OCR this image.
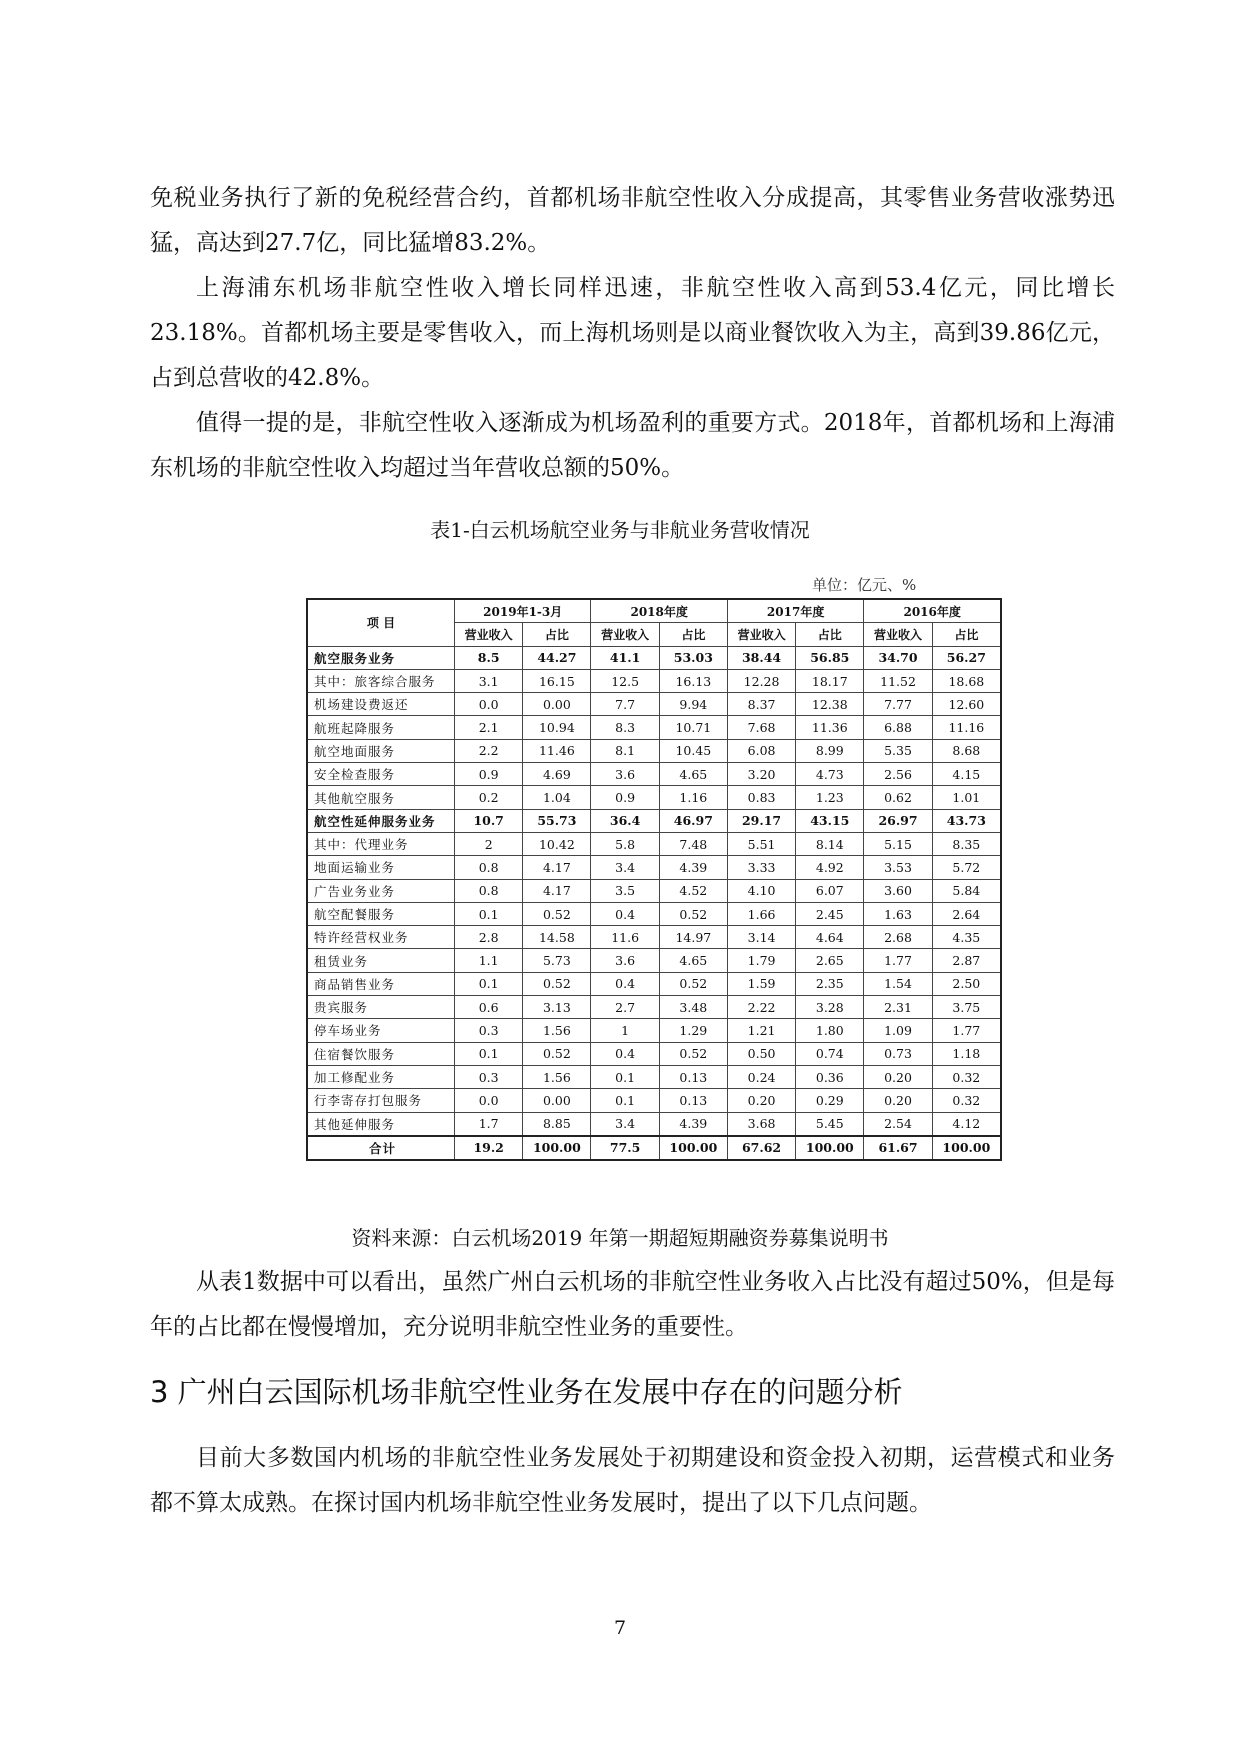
免税业务执行了新的免税经营合约，首都机场非航空性收入分成提高，其零售业务营收涨势迅猛，高达到27.7亿，同比猛增83.2%。

上海浦东机场非航空性收入增长同样迅速，非航空性收入高到53.4亿元，同比增长23.18%。首都机场主要是零售收入，而上海机场则是以商业餐饮收入为主，高到39.86亿元，占到总营收的42.8%。

值得一提的是，非航空性收入逐渐成为机场盈利的重要方式。2018年，首都机场和上海浦东机场的非航空性收入均超过当年营收总额的50%。

表1-白云机场航空业务与非航业务营收情况

单位：亿元、%
项 目	2019年1-3月		2018年度		2017年度		2016年度	
	营业收入	占比	营业收入	占比	营业收入	占比	营业收入	占比
航空服务业务	8.5	44.27	41.1	53.03	38.44	56.85	34.70	56.27
其中：旅客综合服务	3.1	16.15	12.5	16.13	12.28	18.17	11.52	18.68
机场建设费返还	0.0	0.00	7.7	9.94	8.37	12.38	7.77	12.60
航班起降服务	2.1	10.94	8.3	10.71	7.68	11.36	6.88	11.16
航空地面服务	2.2	11.46	8.1	10.45	6.08	8.99	5.35	8.68
安全检查服务	0.9	4.69	3.6	4.65	3.20	4.73	2.56	4.15
其他航空服务	0.2	1.04	0.9	1.16	0.83	1.23	0.62	1.01
航空性延伸服务业务	10.7	55.73	36.4	46.97	29.17	43.15	26.97	43.73
其中：代理业务	2	10.42	5.8	7.48	5.51	8.14	5.15	8.35
地面运输业务	0.8	4.17	3.4	4.39	3.33	4.92	3.53	5.72
广告业务业务	0.8	4.17	3.5	4.52	4.10	6.07	3.60	5.84
航空配餐服务	0.1	0.52	0.4	0.52	1.66	2.45	1.63	2.64
特许经营权业务	2.8	14.58	11.6	14.97	3.14	4.64	2.68	4.35
租赁业务	1.1	5.73	3.6	4.65	1.79	2.65	1.77	2.87
商品销售业务	0.1	0.52	0.4	0.52	1.59	2.35	1.54	2.50
贵宾服务	0.6	3.13	2.7	3.48	2.22	3.28	2.31	3.75
停车场业务	0.3	1.56	1	1.29	1.21	1.80	1.09	1.77
住宿餐饮服务	0.1	0.52	0.4	0.52	0.50	0.74	0.73	1.18
加工修配业务	0.3	1.56	0.1	0.13	0.24	0.36	0.20	0.32
行李寄存打包服务	0.0	0.00	0.1	0.13	0.20	0.29	0.20	0.32
其他延伸服务	1.7	8.85	3.4	4.39	3.68	5.45	2.54	4.12
合计	19.2	100.00	77.5	100.00	67.62	100.00	61.67	100.00

资料来源：白云机场2019 年第一期超短期融资券募集说明书

从表1数据中可以看出，虽然广州白云机场的非航空性业务收入占比没有超过50%，但是每年的占比都在慢慢增加，充分说明非航空性业务的重要性。

3 广州白云国际机场非航空性业务在发展中存在的问题分析

目前大多数国内机场的非航空性业务发展处于初期建设和资金投入初期，运营模式和业务都不算太成熟。在探讨国内机场非航空性业务发展时，提出了以下几点问题。

7
